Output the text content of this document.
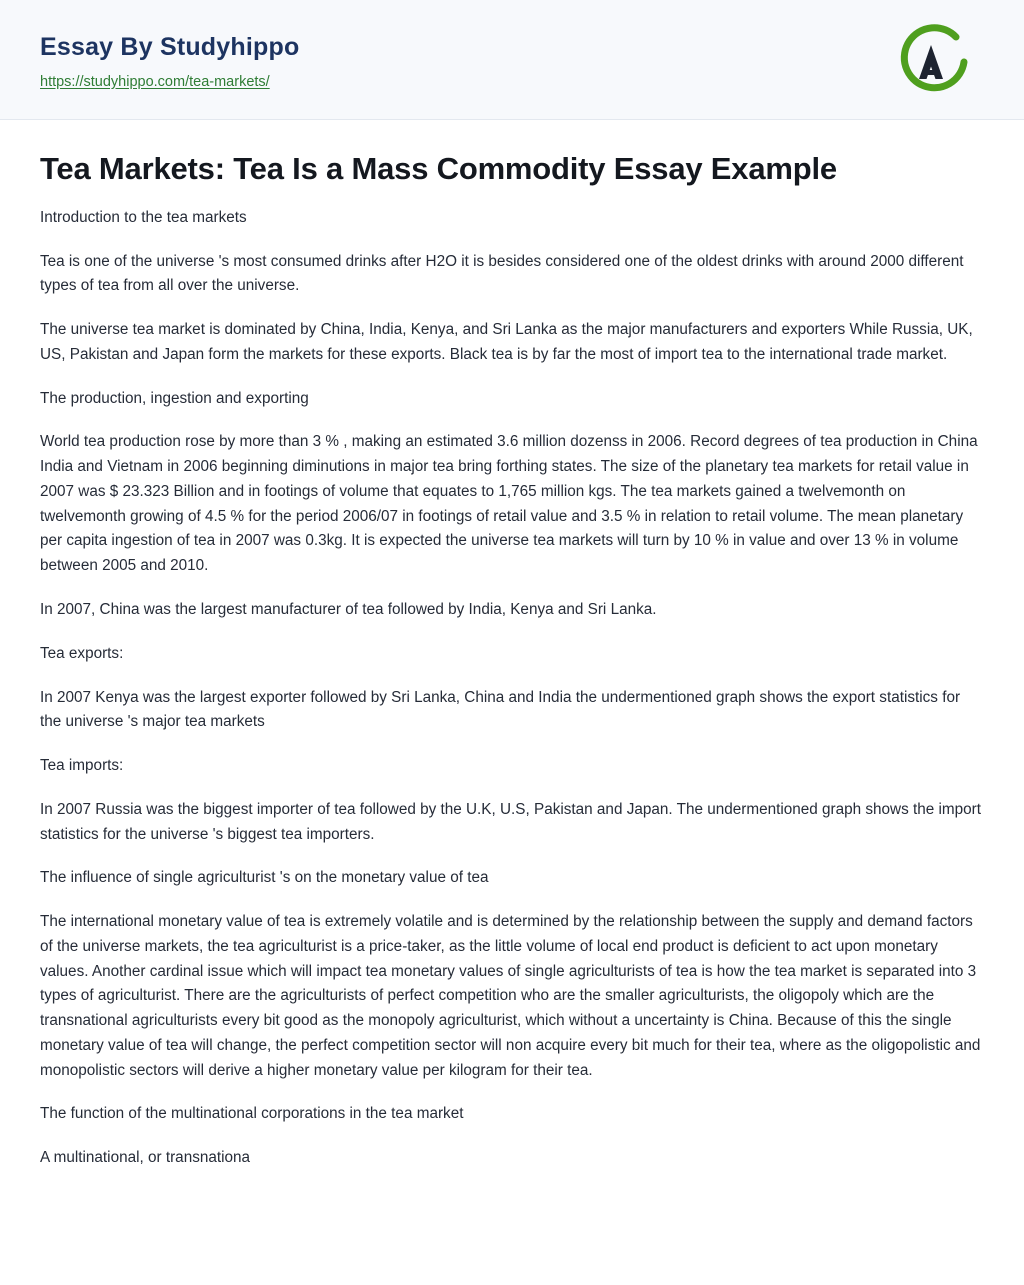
Essay By Studyhippo
https://studyhippo.com/tea-markets/
Tea Markets: Tea Is a Mass Commodity Essay Example

Introduction to the tea markets

Tea is one of the universe 's most consumed drinks after H2O it is besides considered one of the oldest drinks with around 2000 different types of tea from all over the universe.

The universe tea market is dominated by China, India, Kenya, and Sri Lanka as the major manufacturers and exporters While Russia, UK, US, Pakistan and Japan form the markets for these exports. Black tea is by far the most of import tea to the international trade market.

The production, ingestion and exporting

World tea production rose by more than 3 % , making an estimated 3.6 million dozenss in 2006. Record degrees of tea production in China India and Vietnam in 2006 beginning diminutions in major tea bring forthing states. The size of the planetary tea markets for retail value in 2007 was $ 23.323 Billion and in footings of volume that equates to 1,765 million kgs. The tea markets gained a twelvemonth on twelvemonth growing of 4.5 % for the period 2006/07 in footings of retail value and 3.5 % in relation to retail volume. The mean planetary per capita ingestion of tea in 2007 was 0.3kg. It is expected the universe tea markets will turn by 10 % in value and over 13 % in volume between 2005 and 2010.

In 2007, China was the largest manufacturer of tea followed by India, Kenya and Sri Lanka.

Tea exports:

In 2007 Kenya was the largest exporter followed by Sri Lanka, China and India the undermentioned graph shows the export statistics for the universe 's major tea markets

Tea imports:

In 2007 Russia was the biggest importer of tea followed by the U.K, U.S, Pakistan and Japan. The undermentioned graph shows the import statistics for the universe 's biggest tea importers.

The influence of single agriculturist 's on the monetary value of tea

The international monetary value of tea is extremely volatile and is determined by the relationship between the supply and demand factors of the universe markets, the tea agriculturist is a price-taker, as the little volume of local end product is deficient to act upon monetary values. Another cardinal issue which will impact tea monetary values of single agriculturists of tea is how the tea market is separated into 3 types of agriculturist. There are the agriculturists of perfect competition who are the smaller agriculturists, the oligopoly which are the transnational agriculturists every bit good as the monopoly agriculturist, which without a uncertainty is China. Because of this the single monetary value of tea will change, the perfect competition sector will non acquire every bit much for their tea, where as the oligopolistic and monopolistic sectors will derive a higher monetary value per kilogram for their tea.

The function of the multinational corporations in the tea market

A multinational, or transnationa
